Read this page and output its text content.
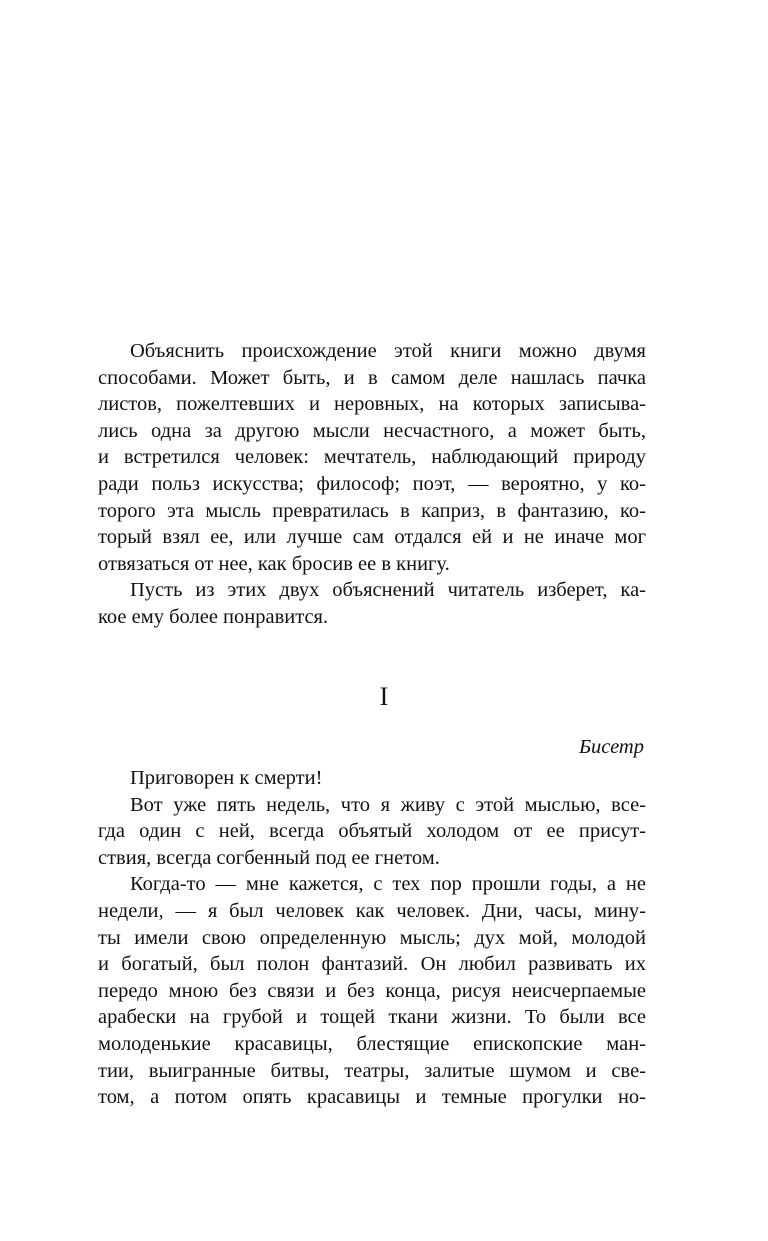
Объяснить происхождение этой книги можно двумя
способами. Может быть, и в самом деле нашлась пачка
листов, пожелтевших и неровных, на которых записыва-
лись одна за другою мысли несчастного, а может быть,
и встретился человек: мечтатель, наблюдающий природу
ради польз искусства; философ; поэт, — вероятно, у ко-
торого эта мысль превратилась в каприз, в фантазию, ко-
торый взял ее, или лучше сам отдался ей и не иначе мог
отвязаться от нее, как бросив ее в книгу.
Пусть из этих двух объяснений читатель изберет, ка-
кое ему более понравится.
I
Бисетр
Приговорен к смерти!
Вот уже пять недель, что я живу с этой мыслью, все-
гда один с ней, всегда объятый холодом от ее присут-
ствия, всегда согбенный под ее гнетом.
Когда-то — мне кажется, с тех пор прошли годы, а не
недели, — я был человек как человек. Дни, часы, мину-
ты имели свою определенную мысль; дух мой, молодой
и богатый, был полон фантазий. Он любил развивать их
передо мною без связи и без конца, рисуя неисчерпаемые
арабески на грубой и тощей ткани жизни. То были все
молоденькие красавицы, блестящие епископские ман-
тии, выигранные битвы, театры, залитые шумом и све-
том, а потом опять красавицы и темные прогулки но-
